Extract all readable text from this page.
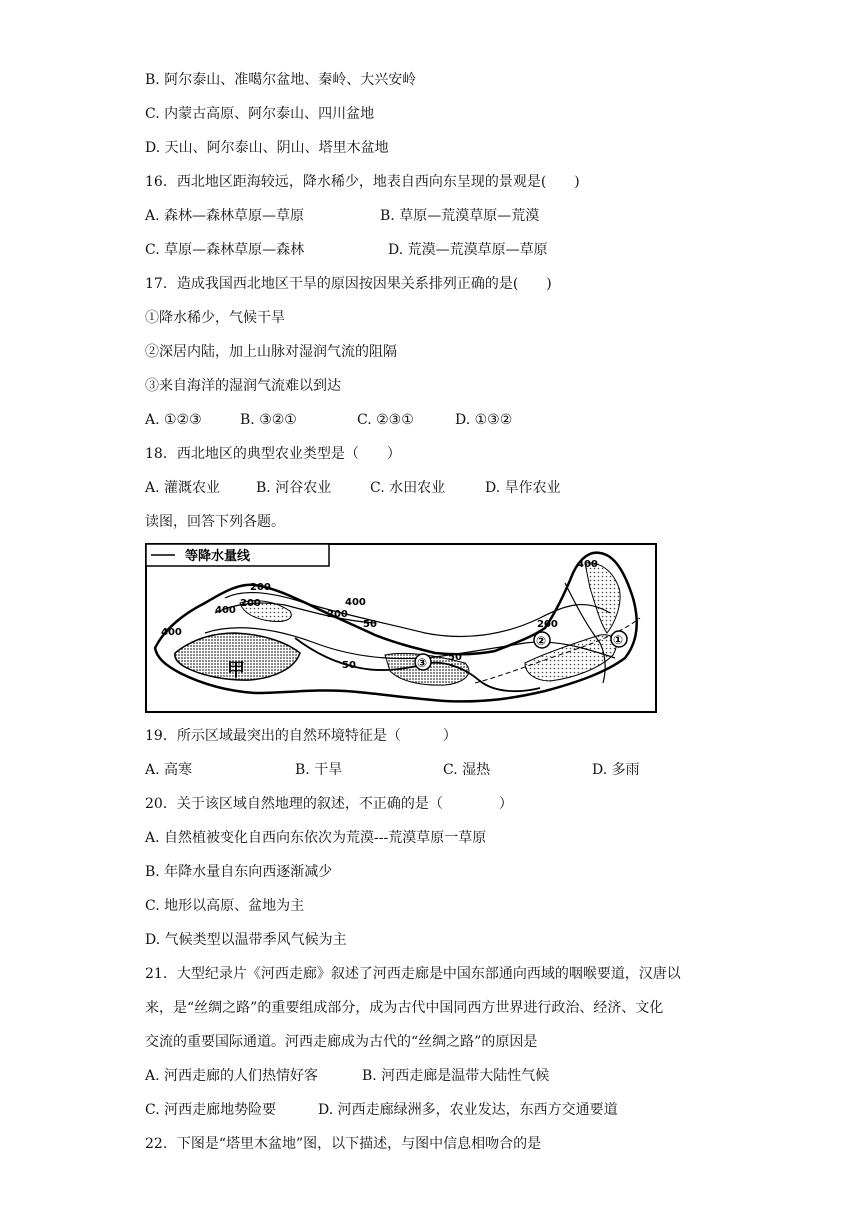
B. 阿尔泰山、准噶尔盆地、秦岭、大兴安岭
C. 内蒙古高原、阿尔泰山、四川盆地
D. 天山、阿尔泰山、阴山、塔里木盆地
16．西北地区距海较远，降水稀少，地表自西向东呈现的景观是(　　)
A. 森林—森林草原—草原	B. 草原—荒漠草原—荒漠
C. 草原—森林草原—森林	D. 荒漠—荒漠草原—草原
17．造成我国西北地区干旱的原因按因果关系排列正确的是(　　)
①降水稀少，气候干旱
②深居内陆，加上山脉对湿润气流的阻隔
③来自海洋的湿润气流难以到达
A. ①②③	B. ③②①	C. ②③①	D. ①③②
18．西北地区的典型农业类型是（　　）
A. 灌溉农业	B. 河谷农业	C. 水田农业	D. 旱作农业
读图，回答下列各题。
等降水量线
甲
400
200
200
400
400
200
50
50
50
200
400
③
②	①
19．所示区域最突出的自然环境特征是（　　　）
A. 高寒	B. 干旱	C. 湿热	D. 多雨
20．关于该区域自然地理的叙述，不正确的是（　　　　）
A. 自然植被变化自西向东依次为荒漠---荒漠草原一草原
B. 年降水量自东向西逐渐减少
C. 地形以高原、盆地为主
D. 气候类型以温带季风气候为主
21．大型纪录片《河西走廊》叙述了河西走廊是中国东部通向西域的咽喉要道，汉唐以
来，是“丝绸之路”的重要组成部分，成为古代中国同西方世界进行政治、经济、文化
交流的重要国际通道。河西走廊成为古代的“丝绸之路”的原因是
A. 河西走廊的人们热情好客	B. 河西走廊是温带大陆性气候
C. 河西走廊地势险要	D. 河西走廊绿洲多，农业发达，东西方交通要道
22．下图是“塔里木盆地”图，以下描述，与图中信息相吻合的是
